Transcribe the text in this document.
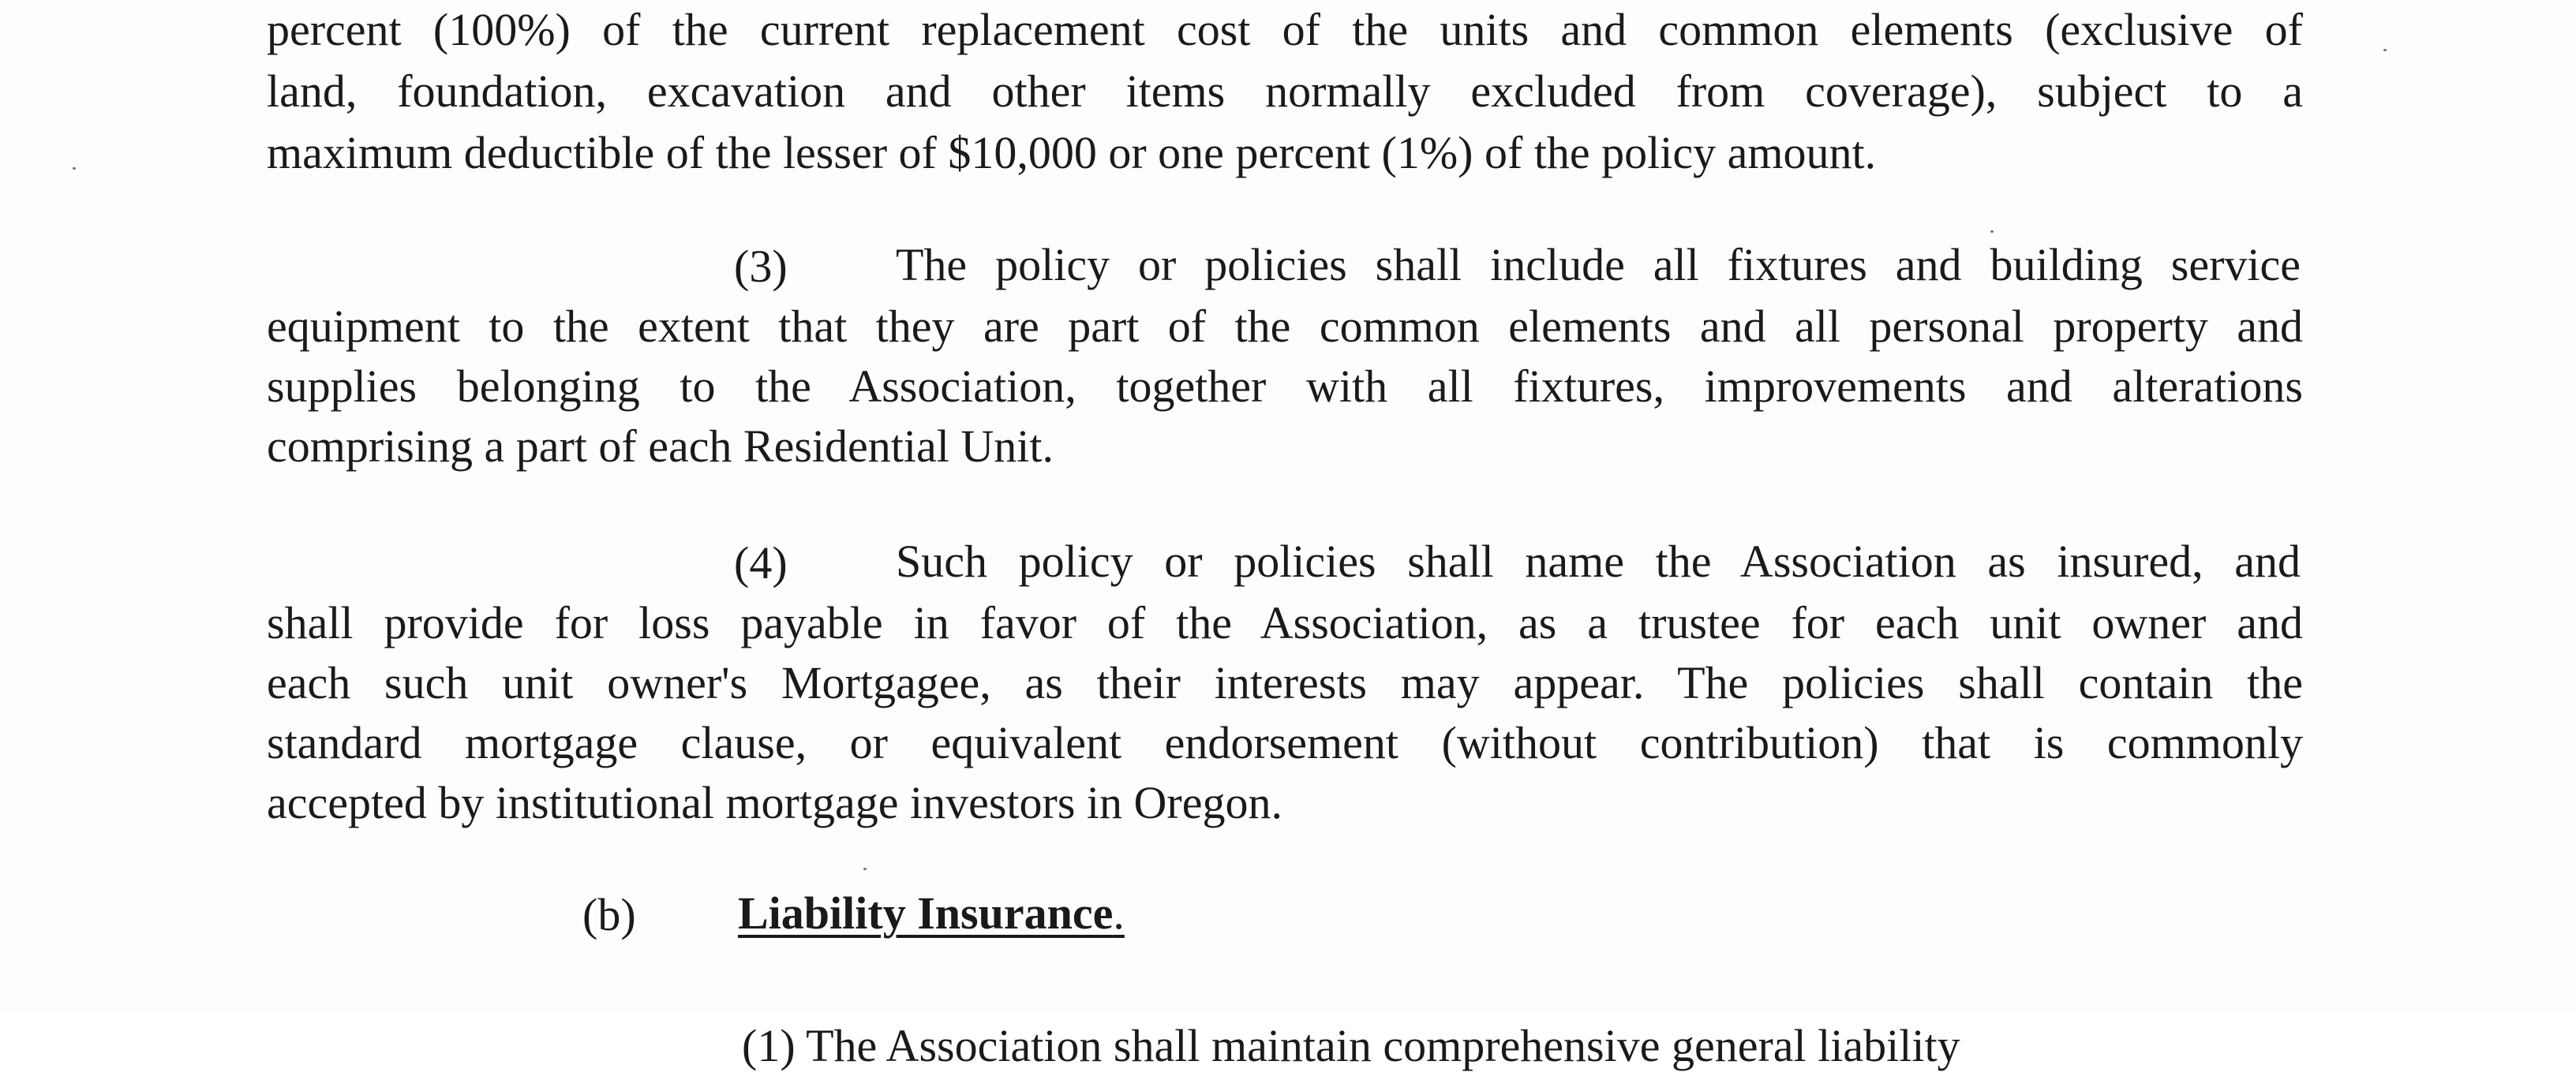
percent (100%) of the current replacement cost of the units and common elements (exclusive of
land, foundation, excavation and other items normally excluded from coverage), subject to a
maximum deductible of the lesser of $10,000 or one percent (1%) of the policy amount.
(3) The policy or policies shall include all fixtures and building service
equipment to the extent that they are part of the common elements and all personal property and
supplies belonging to the Association, together with all fixtures, improvements and alterations
comprising a part of each Residential Unit.
(4) Such policy or policies shall name the Association as insured, and
shall provide for loss payable in favor of the Association, as a trustee for each unit owner and
each such unit owner's Mortgagee, as their interests may appear. The policies shall contain the
standard mortgage clause, or equivalent endorsement (without contribution) that is commonly
accepted by institutional mortgage investors in Oregon.
(b) Liability Insurance.
(1) The Association shall maintain comprehensive general liability
